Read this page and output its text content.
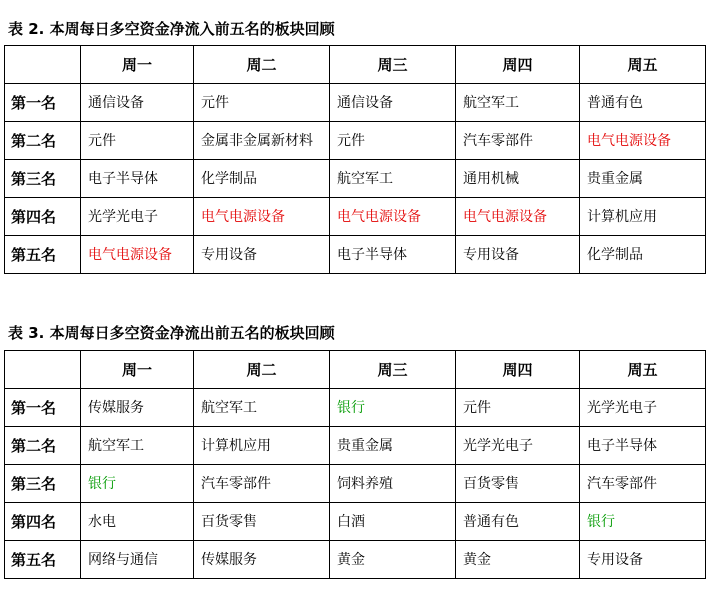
表 2. 本周每日多空资金净流入前五名的板块回顾
	周一	周二	周三	周四	周五
第一名	通信设备	元件	通信设备	航空军工	普通有色
第二名	元件	金属非金属新材料	元件	汽车零部件	电气电源设备
第三名	电子半导体	化学制品	航空军工	通用机械	贵重金属
第四名	光学光电子	电气电源设备	电气电源设备	电气电源设备	计算机应用
第五名	电气电源设备	专用设备	电子半导体	专用设备	化学制品
表 3. 本周每日多空资金净流出前五名的板块回顾
	周一	周二	周三	周四	周五
第一名	传媒服务	航空军工	银行	元件	光学光电子
第二名	航空军工	计算机应用	贵重金属	光学光电子	电子半导体
第三名	银行	汽车零部件	饲料养殖	百货零售	汽车零部件
第四名	水电	百货零售	白酒	普通有色	银行
第五名	网络与通信	传媒服务	黄金	黄金	专用设备
